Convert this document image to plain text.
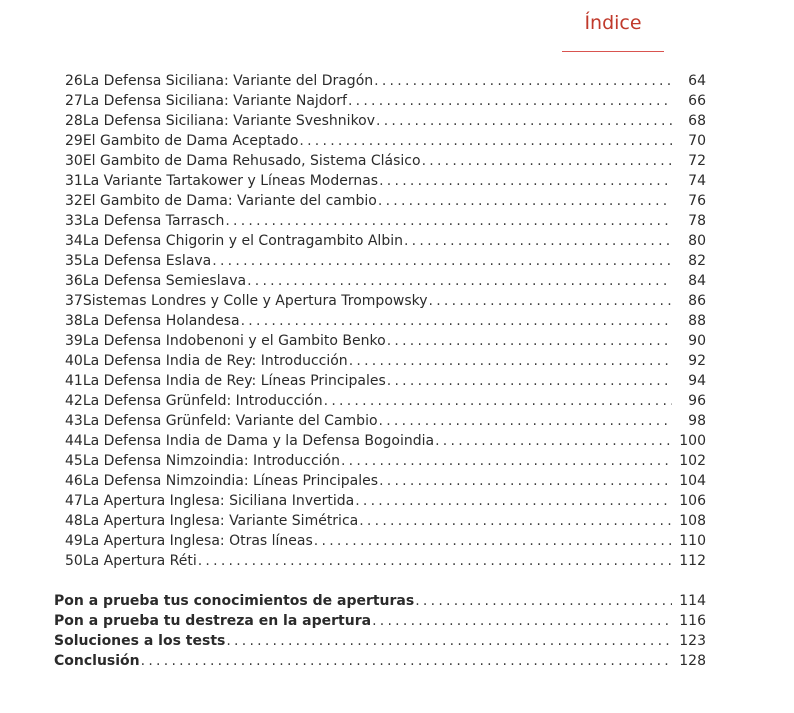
Índice
26 La Defensa Siciliana: Variante del Dragón . . .	64
27 La Defensa Siciliana: Variante Najdorf . . .	66
28 La Defensa Siciliana: Variante Sveshnikov . . .	68
29 El Gambito de Dama Aceptado . . .	70
30 El Gambito de Dama Rehusado, Sistema Clásico . . .	72
31 La Variante Tartakower y Líneas Modernas . . .	74
32 El Gambito de Dama: Variante del cambio . . .	76
33 La Defensa Tarrasch . . .	78
34 La Defensa Chigorin y el Contragambito Albin . . .	80
35 La Defensa Eslava . . .	82
36 La Defensa Semieslava . . .	84
37 Sistemas Londres y Colle y Apertura Trompowsky . . .	86
38 La Defensa Holandesa . . .	88
39 La Defensa Indobenoni y el Gambito Benko . . .	90
40 La Defensa India de Rey: Introducción . . .	92
41 La Defensa India de Rey: Líneas Principales . . .	94
42 La Defensa Grünfeld: Introducción . . .	96
43 La Defensa Grünfeld: Variante del Cambio . . .	98
44 La Defensa India de Dama y la Defensa Bogoindia . . .	100
45 La Defensa Nimzoindia: Introducción . . .	102
46 La Defensa Nimzoindia: Líneas Principales . . .	104
47 La Apertura Inglesa: Siciliana Invertida . . .	106
48 La Apertura Inglesa: Variante Simétrica . . .	108
49 La Apertura Inglesa: Otras líneas . . .	110
50 La Apertura Réti . . .	112
Pon a prueba tus conocimientos de aperturas . . .	114
Pon a prueba tu destreza en la apertura . . .	116
Soluciones a los tests . . .	123
Conclusión . . .	128
